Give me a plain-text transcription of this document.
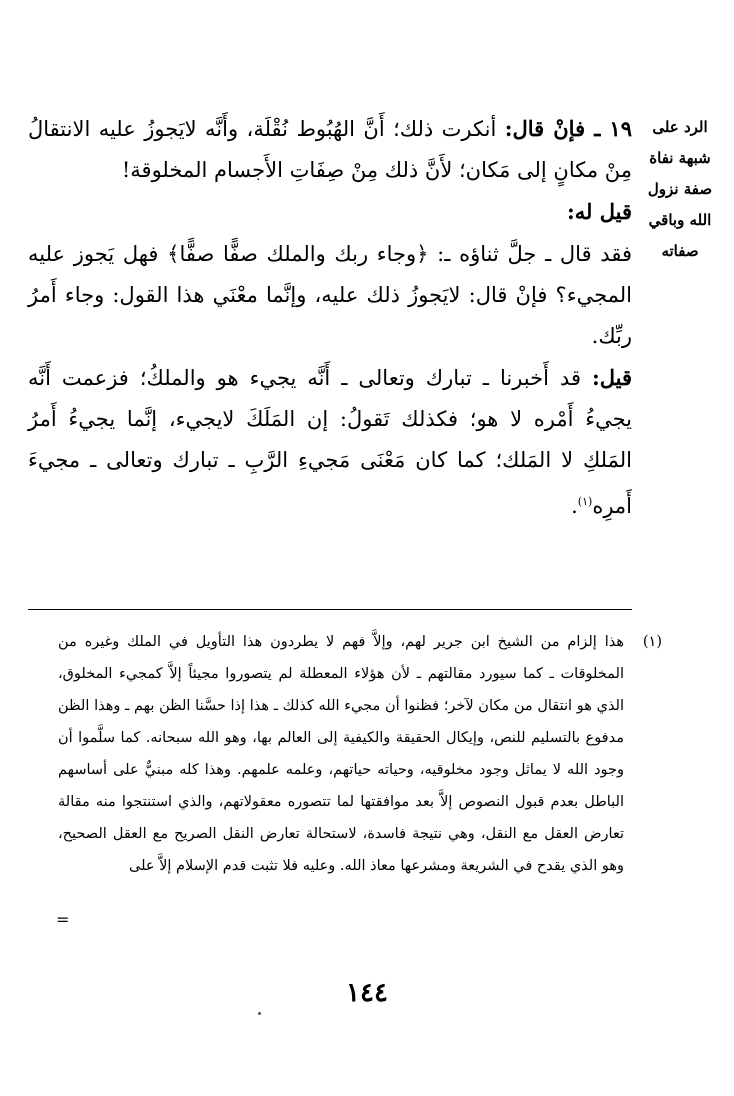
الرد على
شبهة نفاة
صفة نزول
الله وباقي
صفاته

١٩ ـ فإنْ قال: أنكرت ذلك؛ أَنَّ الهُبُوط نُقْلَة، وأَنَّه لايَجوزُ عليه الانتقالُ مِنْ مكانٍ إلى مَكان؛ لأَنَّ ذلك مِنْ صِفَاتِ الأَجسام المخلوقة!

قيل له:

فقد قال ـ جلَّ ثناؤه ـ: ﴿وجاء ربك والملك صفًّا صفًّا﴾ فهل يَجوز عليه المجيء؟ فإنْ قال: لايَجوزُ ذلك عليه، وإنَّما معْنَي هذا القول: وجاء أَمرُ ربِّك.

قيل: قد أَخبرنا ـ تبارك وتعالى ـ أَنَّه يجيء هو والملكُ؛ فزعمت أَنَّه يجيءُ أَمْره لا هو؛ فكذلك تَقولُ: إن المَلَكَ لايجيء، إنَّما يجيءُ أَمرُ المَلكِ لا المَلك؛ كما كان مَعْنَى مَجيءِ الرَّبِ ـ تبارك وتعالى ـ مجيءَ أَمرِه$^{(١)}$.

(١)
هذا إلزام من الشيخ ابن جرير لهم، وإلاَّ فهم لا يطردون هذا التأويل في الملك وغيره من المخلوقات ـ كما سيورد مقالتهم ـ لأن هؤلاء المعطلة لم يتصوروا مجيئاً إلاَّ كمجيء المخلوق، الذي هو انتقال من مكان لآخر؛ فظنوا أن مجيء الله كذلك ـ هذا إذا حسَّنا الظن بهم ـ وهذا الظن مدفوع بالتسليم للنص، وإيكال الحقيقة والكيفية إلى العالم بها، وهو الله سبحانه. كما سلَّموا أن وجود الله لا يماثل وجود مخلوقيه، وحياته حياتهم، وعلمه علمهم. وهذا كله مبنيٌّ على أساسهم الباطل بعدم قبول النصوص إلاَّ بعد موافقتها لما تتصوره معقولاتهم، والذي استنتجوا منه مقالة تعارض العقل مع النقل، وهي نتيجة فاسدة، لاستحالة تعارض النقل الصريح مع العقل الصحيح، وهو الذي يقدح في الشريعة ومشرعها معاذ الله. وعليه فلا تثبت قدم الإسلام إلاَّ على
=
١٤٤
